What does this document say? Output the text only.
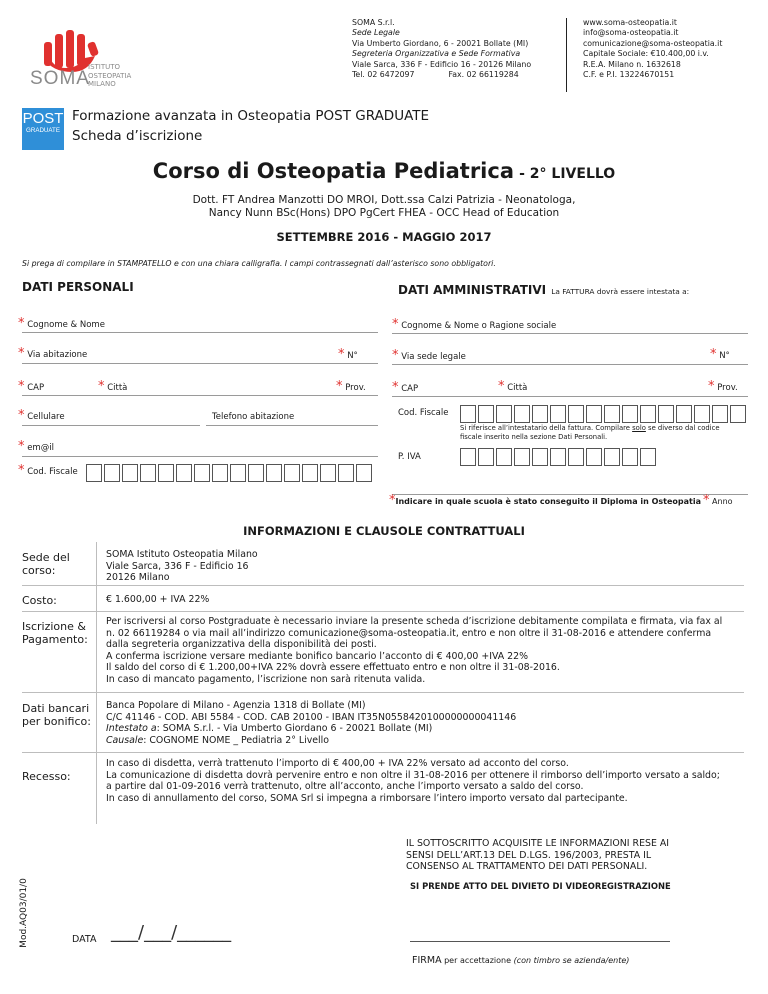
SOMA
ISTITUTO
OSTEOPATIA
MILANO
SOMA S.r.l.
Sede Legale
Via Umberto Giordano, 6 - 20021 Bollate (MI)
Segreteria Organizzativa e Sede Formativa
Viale Sarca, 336 F - Edificio 16 - 20126 Milano
Tel. 02 6472097	Fax. 02 66119284
www.soma-osteopatia.it
info@soma-osteopatia.it
comunicazione@soma-osteopatia.it
Capitale Sociale: €10.400,00 i.v.
R.E.A. Milano n. 1632618
C.F. e P.I. 13224670151
POST
GRADUATE
Formazione avanzata in Osteopatia POST GRADUATE
Scheda d’iscrizione
Corso di Osteopatia Pediatrica - 2° LIVELLO
Dott. FT Andrea Manzotti DO MROI, Dott.ssa Calzi Patrizia - Neonatologa,
Nancy Nunn BSc(Hons) DPO PgCert FHEA - OCC Head of Education
SETTEMBRE 2016 - MAGGIO 2017
Si prega di compilare in STAMPATELLO e con una chiara calligrafia. I campi contrassegnati dall’asterisco sono obbligatori.
DATI PERSONALI
* Cognome & Nome
* Via abitazione	* N°
* CAP	* Città	* Prov.
* Cellulare	Telefono abitazione
* em@il
* Cod. Fiscale
DATI AMMINISTRATIVI La FATTURA dovrà essere intestata a:
* Cognome & Nome o Ragione sociale
* Via sede legale	* N°
* CAP	* Città	* Prov.
Cod. Fiscale
Si riferisce all’intestatario della fattura. Compilare solo se diverso dal codice
fiscale inserito nella sezione Dati Personali.
P. IVA
*Indicare in quale scuola è stato conseguito il Diploma in Osteopatia * Anno
INFORMAZIONI E CLAUSOLE CONTRATTUALI
Sede del
corso:
SOMA Istituto Osteopatia Milano
Viale Sarca, 336 F - Edificio 16
20126 Milano
Costo:	€ 1.600,00 + IVA 22%
Iscrizione &
Pagamento:
Per iscriversi al corso Postgraduate è necessario inviare la presente scheda d’iscrizione debitamente compilata e firmata, via fax al
n. 02 66119284 o via mail all’indirizzo comunicazione@soma-osteopatia.it, entro e non oltre il 31-08-2016 e attendere conferma
dalla segreteria organizzativa della disponibilità dei posti.
A conferma iscrizione versare mediante bonifico bancario l’acconto di € 400,00 +IVA 22%
Il saldo del corso di € 1.200,00+IVA 22% dovrà essere effettuato entro e non oltre il 31-08-2016.
In caso di mancato pagamento, l’iscrizione non sarà ritenuta valida.
Dati bancari
per bonifico:
Banca Popolare di Milano - Agenzia 1318 di Bollate (MI)
C/C 41146 - COD. ABI 5584 - COD. CAB 20100 - IBAN IT35N0558420100000000041146
Intestato a: SOMA S.r.l. - Via Umberto Giordano 6 - 20021 Bollate (MI)
Causale: COGNOME NOME _ Pediatria 2° Livello
Recesso:
In caso di disdetta, verrà trattenuto l’importo di € 400,00 + IVA 22% versato ad acconto del corso.
La comunicazione di disdetta dovrà pervenire entro e non oltre il 31-08-2016 per ottenere il rimborso dell’importo versato a saldo;
a partire dal 01-09-2016 verrà trattenuto, oltre all’acconto, anche l’importo versato a saldo del corso.
In caso di annullamento del corso, SOMA Srl si impegna a rimborsare l’intero importo versato dal partecipante.
IL SOTTOSCRITTO ACQUISITE LE INFORMAZIONI RESE AI
SENSI DELL’ART.13 DEL D.LGS. 196/2003, PRESTA IL
CONSENSO AL TRATTAMENTO DEI DATI PERSONALI.
SI PRENDE ATTO DEL DIVIETO DI VIDEOREGISTRAZIONE
Mod.AQ03/01/0	DATA ___/___/______
FIRMA per accettazione (con timbro se azienda/ente)
